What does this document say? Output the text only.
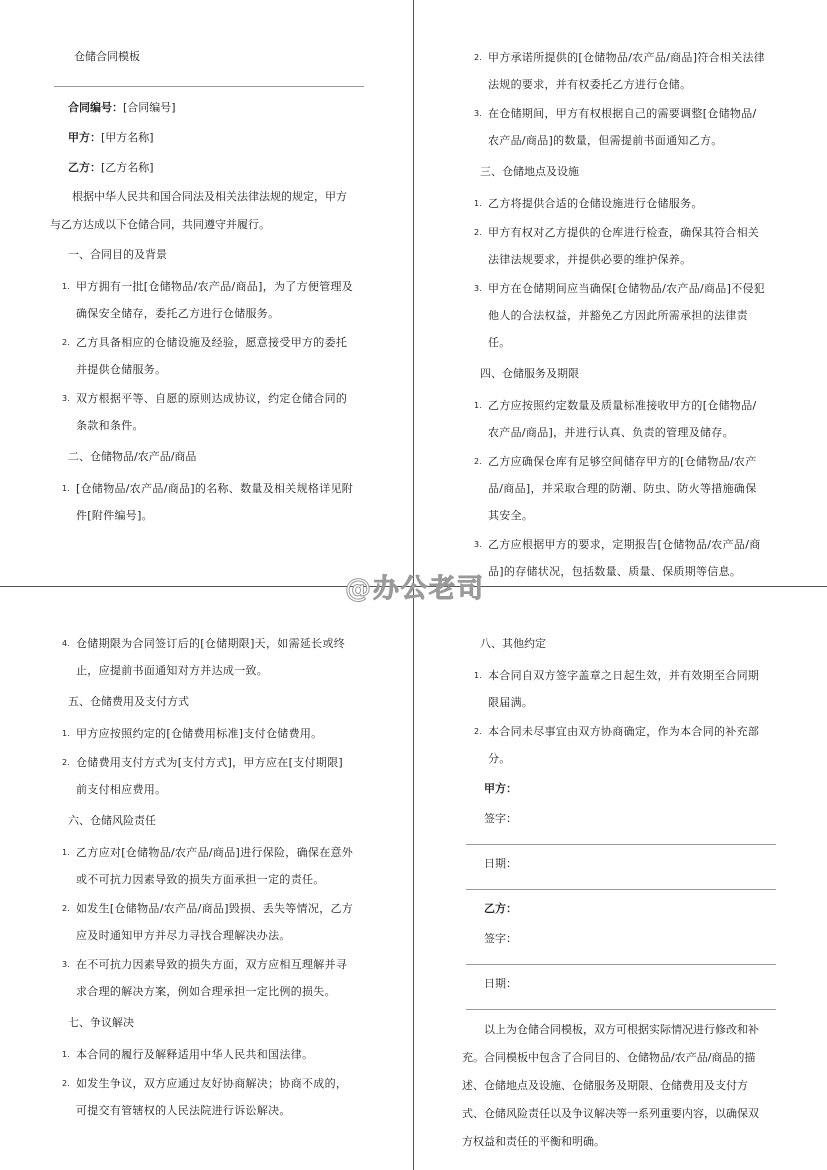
仓储合同模板
合同编号：[合同编号]
甲方：[甲方名称]
乙方：[乙方名称]

根据中华人民共和国合同法及相关法律法规的规定，甲方与乙方达成以下仓储合同，共同遵守并履行。

一、合同目的及背景
1. 甲方拥有一批[仓储物品/农产品/商品]，为了方便管理及确保安全储存，委托乙方进行仓储服务。
2. 乙方具备相应的仓储设施及经验，愿意接受甲方的委托并提供仓储服务。
3. 双方根据平等、自愿的原则达成协议，约定仓储合同的条款和条件。
二、仓储物品/农产品/商品
1. [仓储物品/农产品/商品]的名称、数量及相关规格详见附件[附件编号]。
2. 甲方承诺所提供的[仓储物品/农产品/商品]符合相关法律法规的要求，并有权委托乙方进行仓储。
3. 在仓储期间，甲方有权根据自己的需要调整[仓储物品/农产品/商品]的数量，但需提前书面通知乙方。
三、仓储地点及设施
1. 乙方将提供合适的仓储设施进行仓储服务。
2. 甲方有权对乙方提供的仓库进行检查，确保其符合相关法律法规要求，并提供必要的维护保养。
3. 甲方在仓储期间应当确保[仓储物品/农产品/商品]不侵犯他人的合法权益，并豁免乙方因此所需承担的法律责任。
四、仓储服务及期限
1. 乙方应按照约定数量及质量标准接收甲方的[仓储物品/农产品/商品]，并进行认真、负责的管理及储存。
2. 乙方应确保仓库有足够空间储存甲方的[仓储物品/农产品/商品]，并采取合理的防潮、防虫、防火等措施确保其安全。
3. 乙方应根据甲方的要求，定期报告[仓储物品/农产品/商品]的存储状况，包括数量、质量、保质期等信息。
4. 仓储期限为合同签订后的[仓储期限]天，如需延长或终止，应提前书面通知对方并达成一致。
五、仓储费用及支付方式
1. 甲方应按照约定的[仓储费用标准]支付仓储费用。
2. 仓储费用支付方式为[支付方式]，甲方应在[支付期限]前支付相应费用。
六、仓储风险责任
1. 乙方应对[仓储物品/农产品/商品]进行保险，确保在意外或不可抗力因素导致的损失方面承担一定的责任。
2. 如发生[仓储物品/农产品/商品]毁损、丢失等情况，乙方应及时通知甲方并尽力寻找合理解决办法。
3. 在不可抗力因素导致的损失方面，双方应相互理解并寻求合理的解决方案，例如合理承担一定比例的损失。
七、争议解决
1. 本合同的履行及解释适用中华人民共和国法律。
2. 如发生争议，双方应通过友好协商解决；协商不成的，可提交有管辖权的人民法院进行诉讼解决。
八、其他约定
1. 本合同自双方签字盖章之日起生效，并有效期至合同期限届满。
2. 本合同未尽事宜由双方协商确定，作为本合同的补充部分。
甲方：
签字：
日期：
乙方：
签字：
日期：

以上为仓储合同模板，双方可根据实际情况进行修改和补充。合同模板中包含了合同目的、仓储物品/农产品/商品的描述、仓储地点及设施、仓储服务及期限、仓储费用及支付方式、仓储风险责任以及争议解决等一系列重要内容，以确保双方权益和责任的平衡和明确。

@办公老司
